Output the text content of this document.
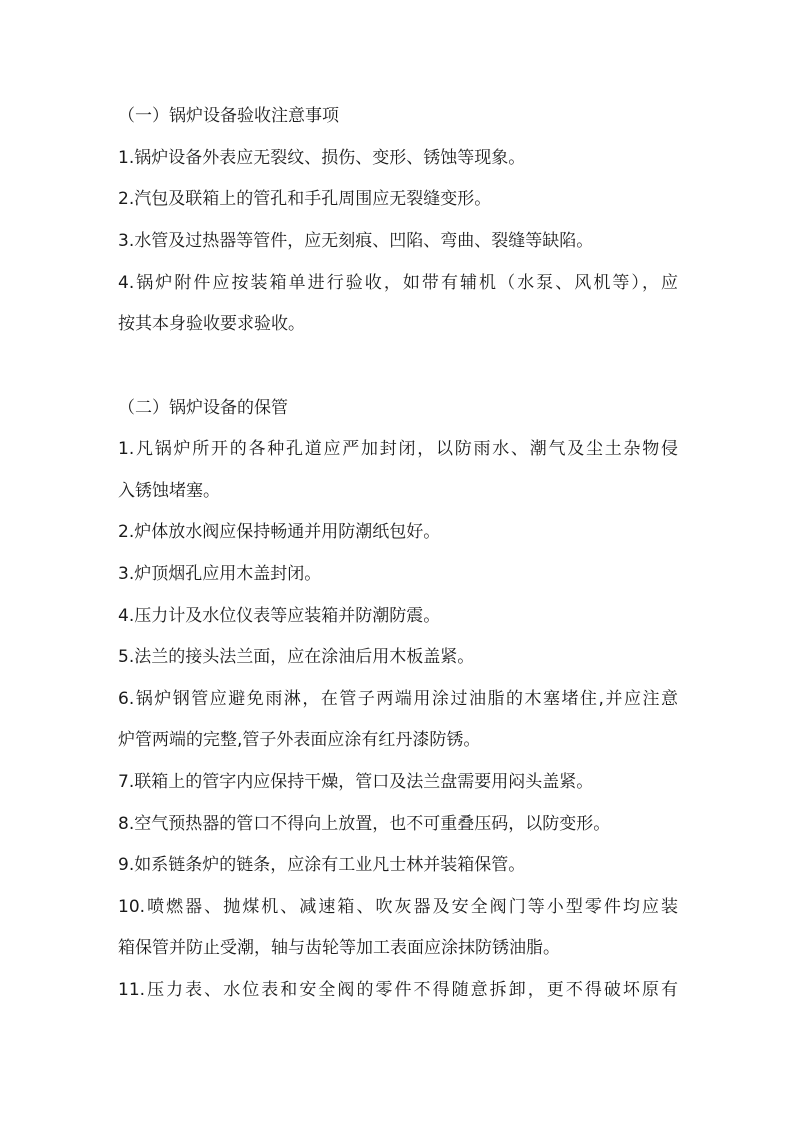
（一）锅炉设备验收注意事项
1.锅炉设备外表应无裂纹、损伤、变形、锈蚀等现象。
2.汽包及联箱上的管孔和手孔周围应无裂缝变形。
3.水管及过热器等管件，应无刻痕、凹陷、弯曲、裂缝等缺陷。
4.锅炉附件应按装箱单进行验收，如带有辅机（水泵、风机等），应
按其本身验收要求验收。
（二）锅炉设备的保管
1.凡锅炉所开的各种孔道应严加封闭，以防雨水、潮气及尘土杂物侵
入锈蚀堵塞。
2.炉体放水阀应保持畅通并用防潮纸包好。
3.炉顶烟孔应用木盖封闭。
4.压力计及水位仪表等应装箱并防潮防震。
5.法兰的接头法兰面，应在涂油后用木板盖紧。
6.锅炉钢管应避免雨淋，在管子两端用涂过油脂的木塞堵住,并应注意
炉管两端的完整,管子外表面应涂有红丹漆防锈。
7.联箱上的管字内应保持干燥，管口及法兰盘需要用闷头盖紧。
8.空气预热器的管口不得向上放置，也不可重叠压码，以防变形。
9.如系链条炉的链条，应涂有工业凡士林并装箱保管。
10.喷燃器、抛煤机、减速箱、吹灰器及安全阀门等小型零件均应装
箱保管并防止受潮，轴与齿轮等加工表面应涂抹防锈油脂。
11.压力表、水位表和安全阀的零件不得随意拆卸，更不得破坏原有
